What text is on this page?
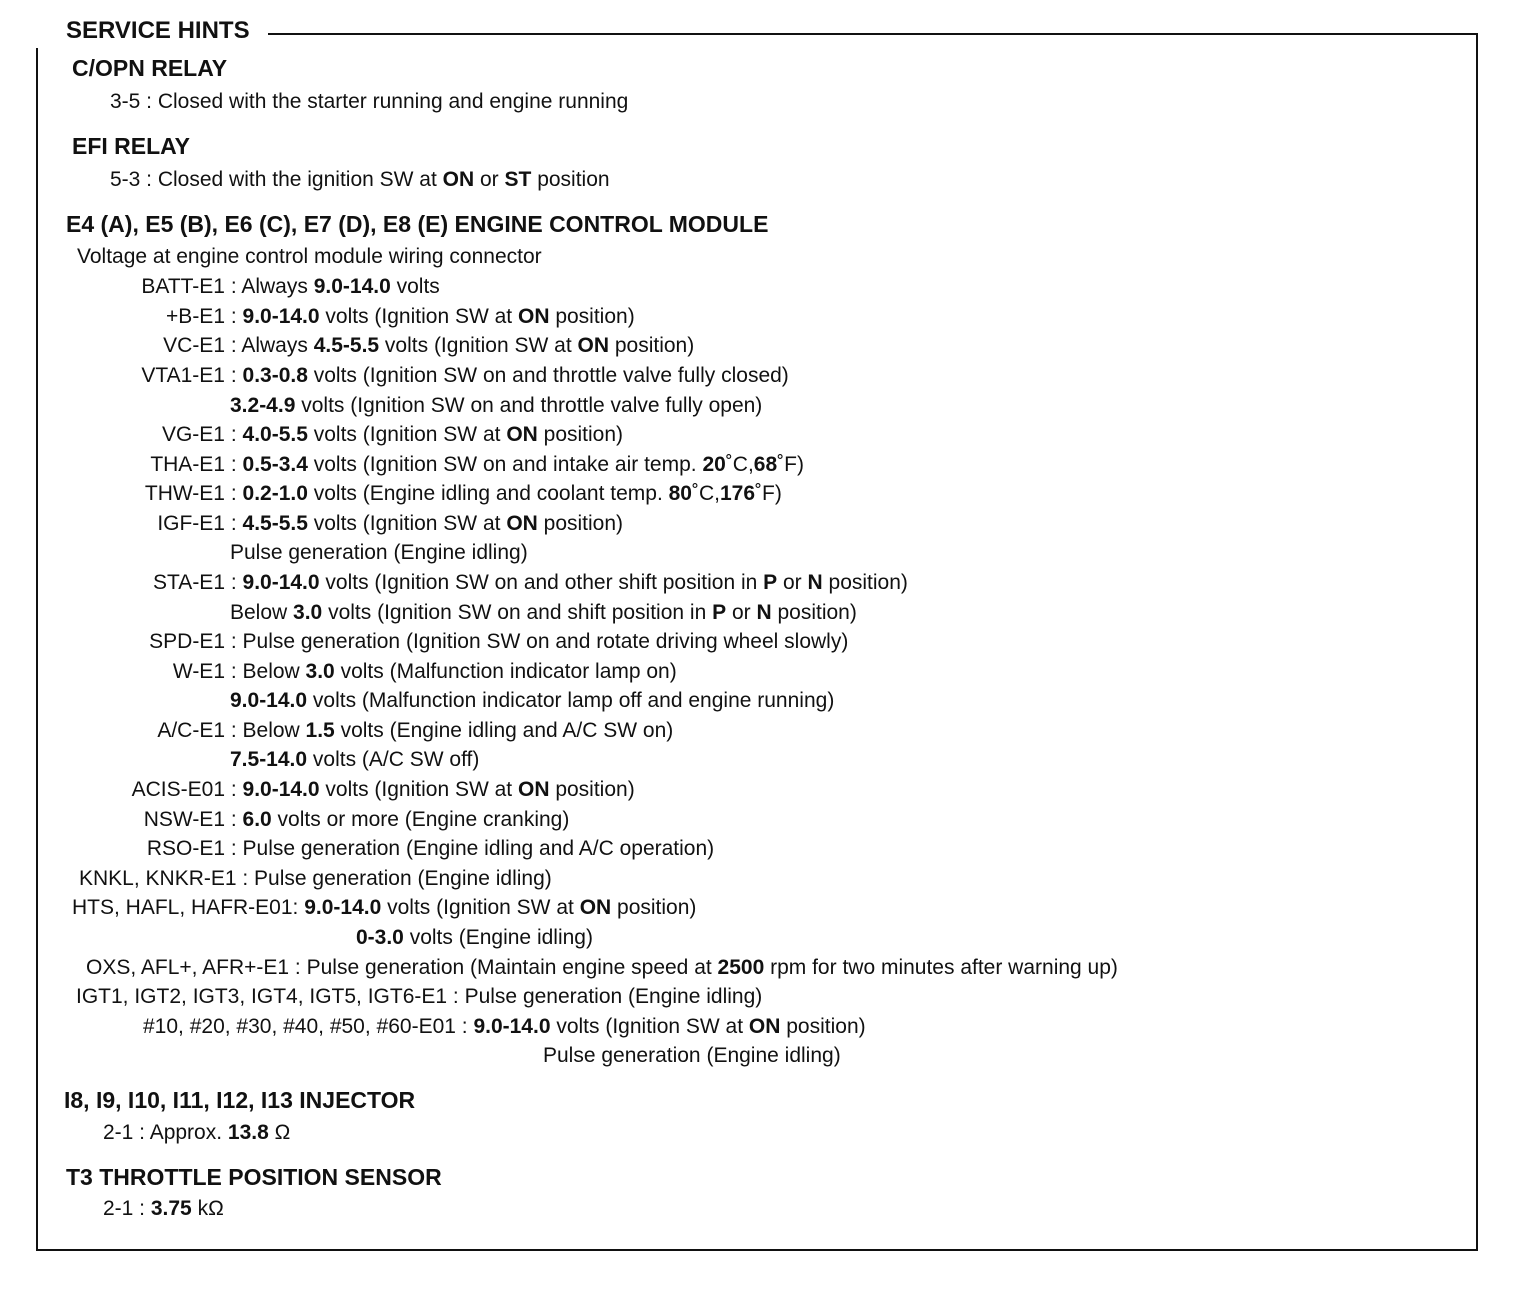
SERVICE HINTS
C/OPN RELAY
3-5 : Closed with the starter running and engine running
EFI RELAY
5-3 : Closed with the ignition SW at ON or ST position
E4 (A), E5 (B), E6 (C), E7 (D), E8 (E) ENGINE CONTROL MODULE
Voltage at engine control module wiring connector
BATT-E1 : Always 9.0-14.0 volts
+B-E1 : 9.0-14.0 volts (Ignition SW at ON position)
VC-E1 : Always 4.5-5.5 volts (Ignition SW at ON position)
VTA1-E1 : 0.3-0.8 volts (Ignition SW on and throttle valve fully closed)
3.2-4.9 volts (Ignition SW on and throttle valve fully open)
VG-E1 : 4.0-5.5 volts (Ignition SW at ON position)
THA-E1 : 0.5-3.4 volts (Ignition SW on and intake air temp. 20˚C,68˚F)
THW-E1 : 0.2-1.0 volts (Engine idling and coolant temp. 80˚C,176˚F)
IGF-E1 : 4.5-5.5 volts (Ignition SW at ON position)
Pulse generation (Engine idling)
STA-E1 : 9.0-14.0 volts (Ignition SW on and other shift position in P or N position)
Below 3.0 volts (Ignition SW on and shift position in P or N position)
SPD-E1 : Pulse generation (Ignition SW on and rotate driving wheel slowly)
W-E1 : Below 3.0 volts (Malfunction indicator lamp on)
9.0-14.0 volts (Malfunction indicator lamp off and engine running)
A/C-E1 : Below 1.5 volts (Engine idling and A/C SW on)
7.5-14.0 volts (A/C SW off)
ACIS-E01 : 9.0-14.0 volts (Ignition SW at ON position)
NSW-E1 : 6.0 volts or more (Engine cranking)
RSO-E1 : Pulse generation (Engine idling and A/C operation)
KNKL, KNKR-E1 : Pulse generation (Engine idling)
HTS, HAFL, HAFR-E01: 9.0-14.0 volts (Ignition SW at ON position)
0-3.0 volts (Engine idling)
OXS, AFL+, AFR+-E1 : Pulse generation (Maintain engine speed at 2500 rpm for two minutes after warning up)
IGT1, IGT2, IGT3, IGT4, IGT5, IGT6-E1 : Pulse generation (Engine idling)
#10, #20, #30, #40, #50, #60-E01 : 9.0-14.0 volts (Ignition SW at ON position)
Pulse generation (Engine idling)
I8, I9, I10, I11, I12, I13 INJECTOR
2-1 : Approx. 13.8 Ω
T3 THROTTLE POSITION SENSOR
2-1 : 3.75 kΩ
